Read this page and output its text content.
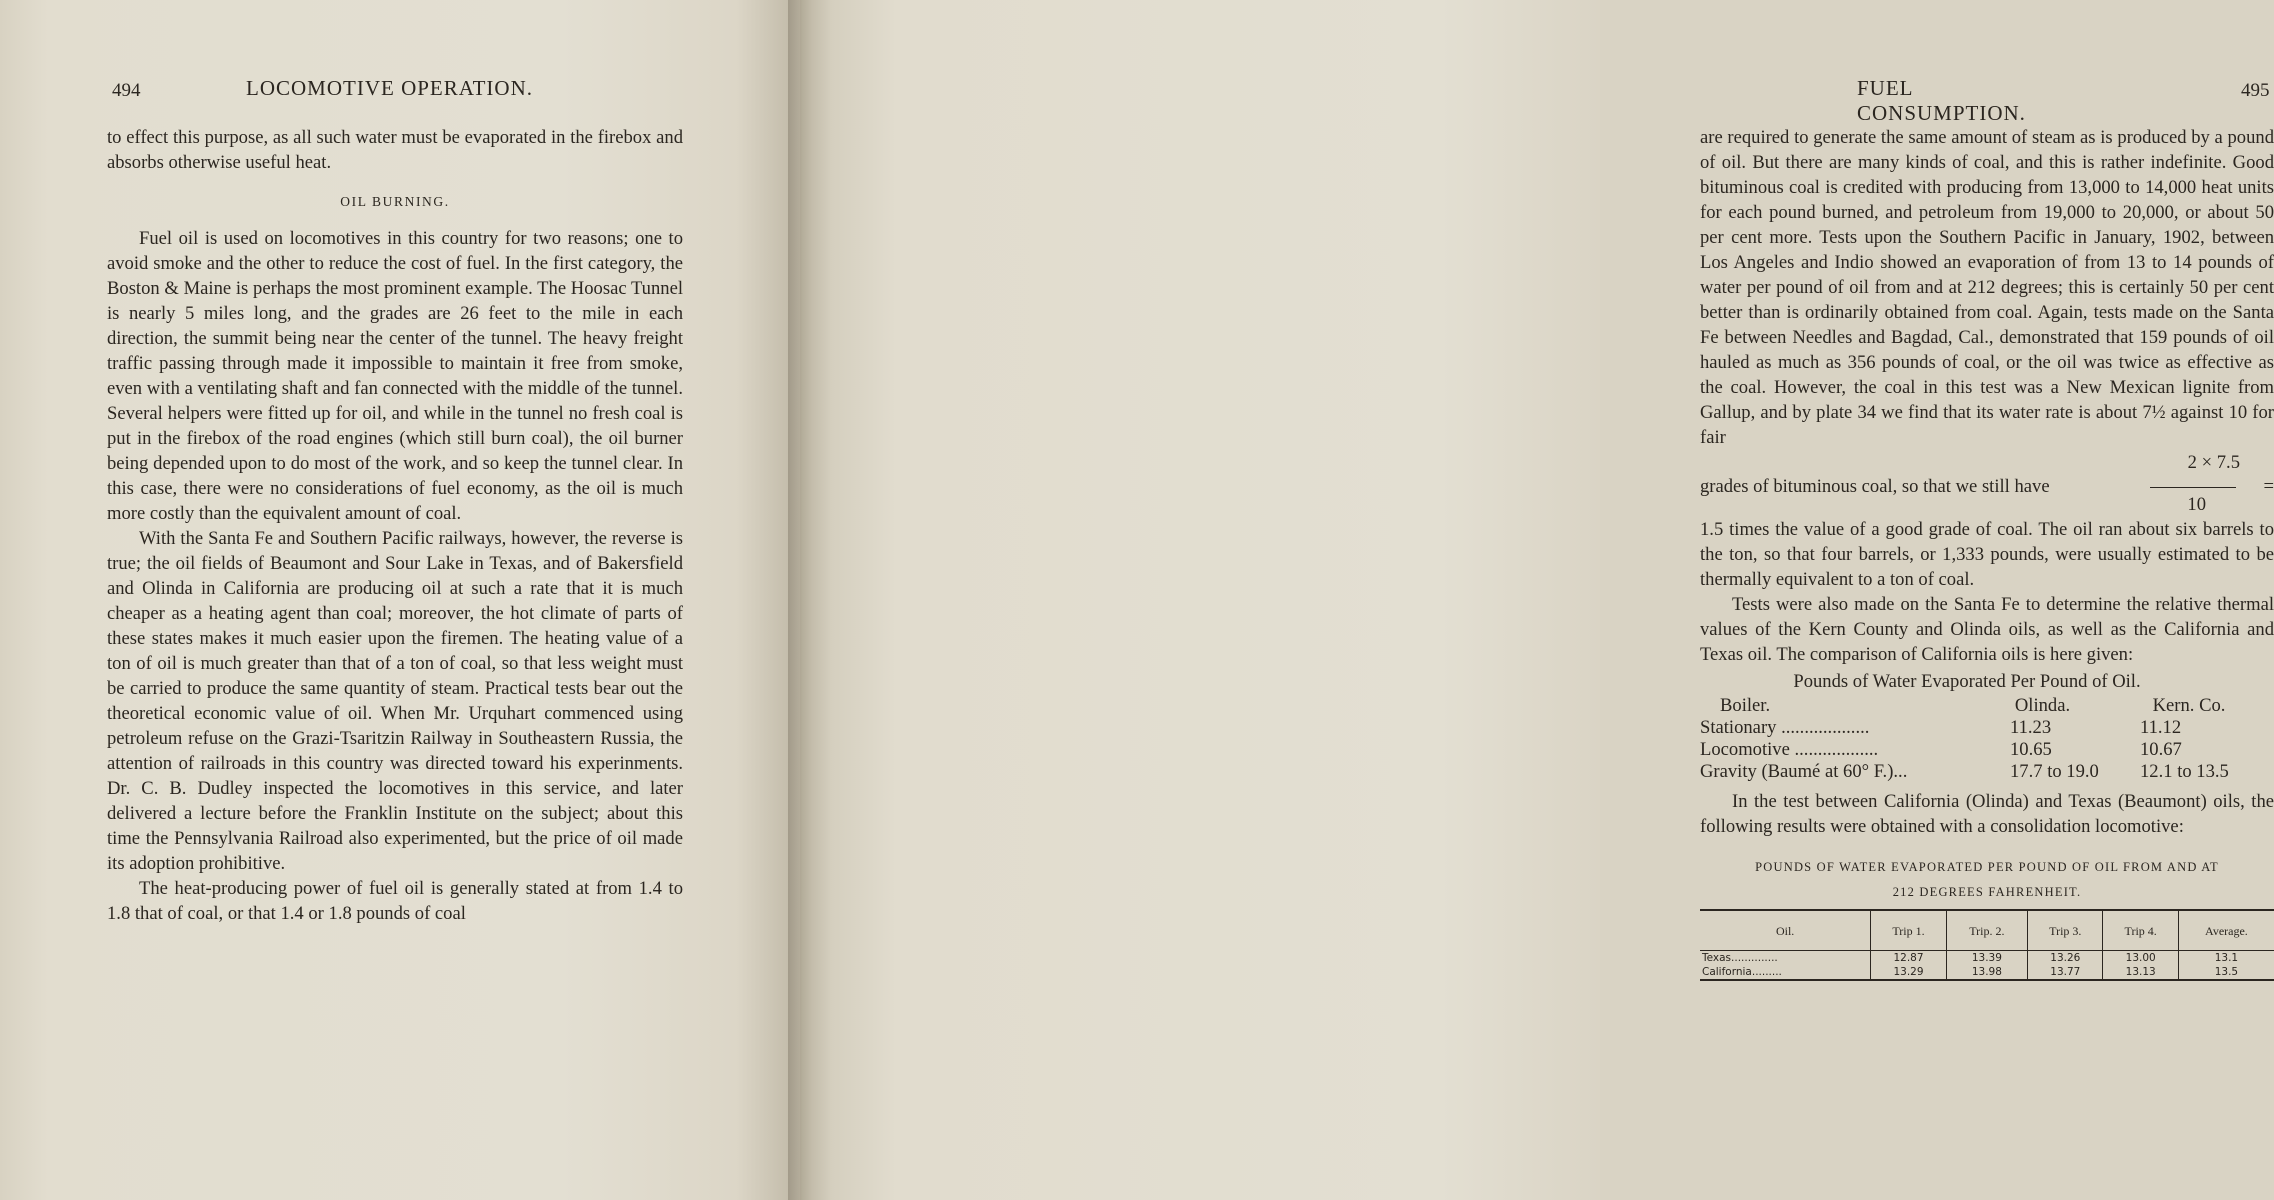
494	LOCOMOTIVE OPERATION.

to effect this purpose, as all such water must be evaporated in the firebox and absorbs otherwise useful heat.

OIL BURNING.

Fuel oil is used on locomotives in this country for two reasons; one to avoid smoke and the other to reduce the cost of fuel. In the first category, the Boston & Maine is perhaps the most prominent example. The Hoosac Tunnel is nearly 5 miles long, and the grades are 26 feet to the mile in each direction, the summit being near the center of the tunnel. The heavy freight traffic passing through made it impossible to maintain it free from smoke, even with a ventilating shaft and fan connected with the middle of the tunnel. Several helpers were fitted up for oil, and while in the tunnel no fresh coal is put in the firebox of the road engines (which still burn coal), the oil burner being depended upon to do most of the work, and so keep the tunnel clear. In this case, there were no considerations of fuel economy, as the oil is much more costly than the equivalent amount of coal.

With the Santa Fe and Southern Pacific railways, however, the reverse is true; the oil fields of Beaumont and Sour Lake in Texas, and of Bakersfield and Olinda in California are producing oil at such a rate that it is much cheaper as a heating agent than coal; moreover, the hot climate of parts of these states makes it much easier upon the firemen. The heating value of a ton of oil is much greater than that of a ton of coal, so that less weight must be carried to produce the same quantity of steam. Practical tests bear out the theoretical economic value of oil. When Mr. Urquhart commenced using petroleum refuse on the Grazi-Tsaritzin Railway in Southeastern Russia, the attention of railroads in this country was directed toward his experinments. Dr. C. B. Dudley inspected the locomotives in this service, and later delivered a lecture before the Franklin Institute on the subject; about this time the Pennsylvania Railroad also experimented, but the price of oil made its adoption prohibitive.

The heat-producing power of fuel oil is generally stated at from 1.4 to 1.8 that of coal, or that 1.4 or 1.8 pounds of coal

FUEL CONSUMPTION.
495

are required to generate the same amount of steam as is produced by a pound of oil. But there are many kinds of coal, and this is rather indefinite. Good bituminous coal is credited with producing from 13,000 to 14,000 heat units for each pound burned, and petroleum from 19,000 to 20,000, or about 50 per cent more. Tests upon the Southern Pacific in January, 1902, between Los Angeles and Indio showed an evaporation of from 13 to 14 pounds of water per pound of oil from and at 212 degrees; this is certainly 50 per cent better than is ordinarily obtained from coal. Again, tests made on the Santa Fe between Needles and Bagdad, Cal., demonstrated that 159 pounds of oil hauled as much as 356 pounds of coal, or the oil was twice as effective as the coal. However, the coal in this test was a New Mexican lignite from Gallup, and by plate 34 we find that its water rate is about 7½ against 10 for fair

grades of bituminous coal, so that we still have
2 × 7.5
=
10

1.5 times the value of a good grade of coal. The oil ran about six barrels to the ton, so that four barrels, or 1,333 pounds, were usually estimated to be thermally equivalent to a ton of coal.

Tests were also made on the Santa Fe to determine the relative thermal values of the Kern County and Olinda oils, as well as the California and Texas oil. The comparison of California oils is here given:

Pounds of Water Evaporated Per Pound of Oil.
Boiler.	Olinda.	Kern. Co.
Stationary ...................	11.23	11.12
Locomotive ..................	10.65	10.67
Gravity (Baumé at 60° F.)...	17.7 to 19.0	12.1 to 13.5

In the test between California (Olinda) and Texas (Beaumont) oils, the following results were obtained with a consolidation locomotive:

POUNDS OF WATER EVAPORATED PER POUND OF OIL FROM AND AT
212 DEGREES FAHRENHEIT.
Oil.	Trip 1.	Trip. 2.	Trip 3.	Trip 4.	Average.
Texas..............	12.87	13.39	13.26	13.00	13.1
California.........	13.29	13.98	13.77	13.13	13.5
